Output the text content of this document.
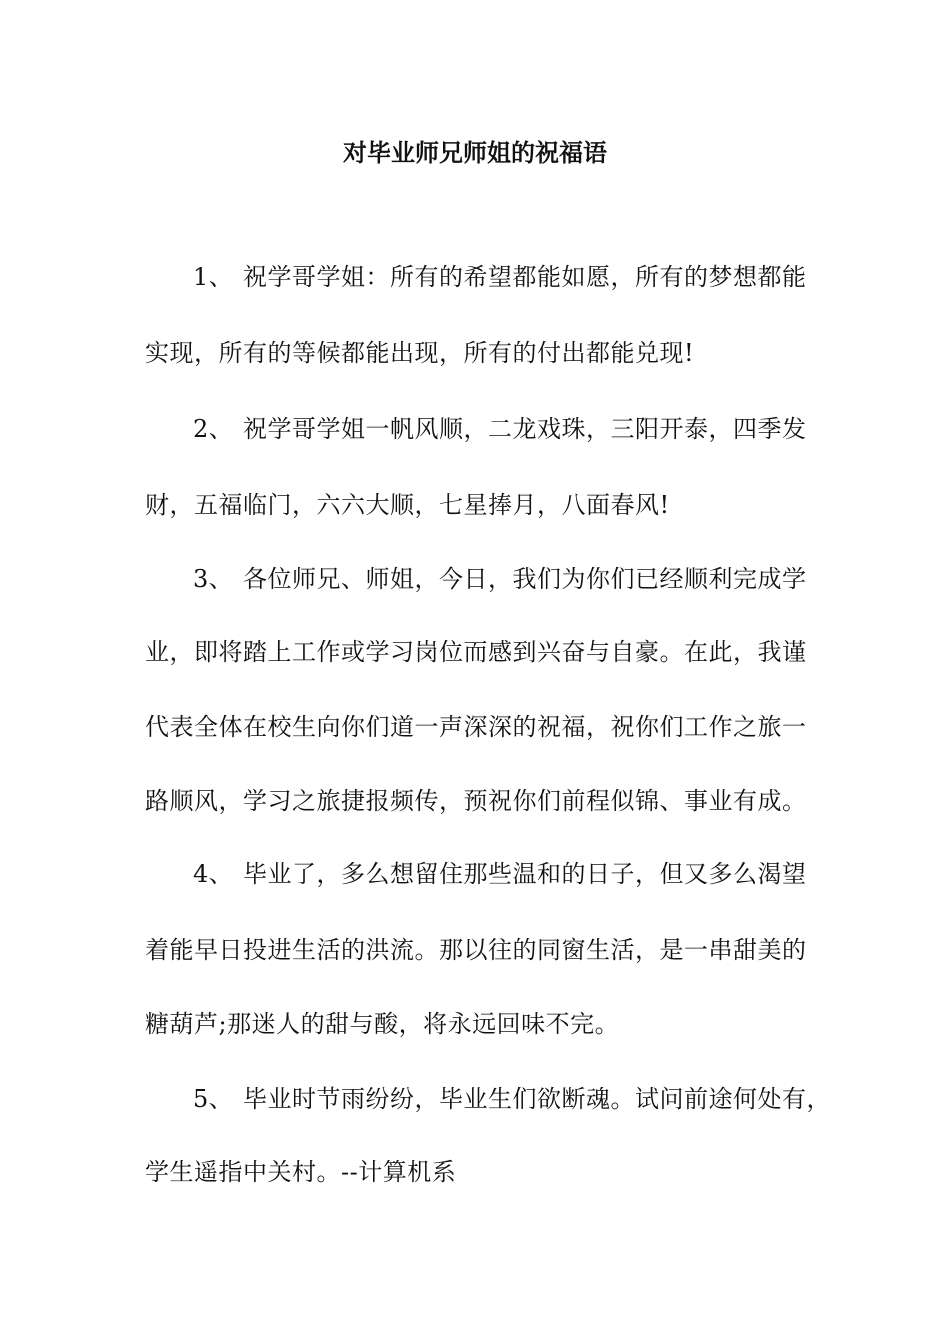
对毕业师兄师姐的祝福语
1、 祝学哥学姐：所有的希望都能如愿，所有的梦想都能
实现，所有的等候都能出现，所有的付出都能兑现!
2、 祝学哥学姐一帆风顺，二龙戏珠，三阳开泰，四季发
财，五福临门，六六大顺，七星捧月，八面春风!
3、 各位师兄、师姐，今日，我们为你们已经顺利完成学
业，即将踏上工作或学习岗位而感到兴奋与自豪。在此，我谨
代表全体在校生向你们道一声深深的祝福，祝你们工作之旅一
路顺风，学习之旅捷报频传，预祝你们前程似锦、事业有成。
4、 毕业了，多么想留住那些温和的日子，但又多么渴望
着能早日投进生活的洪流。那以往的同窗生活，是一串甜美的
糖葫芦;那迷人的甜与酸，将永远回味不完。
5、 毕业时节雨纷纷，毕业生们欲断魂。试问前途何处有，
学生遥指中关村。--计算机系
